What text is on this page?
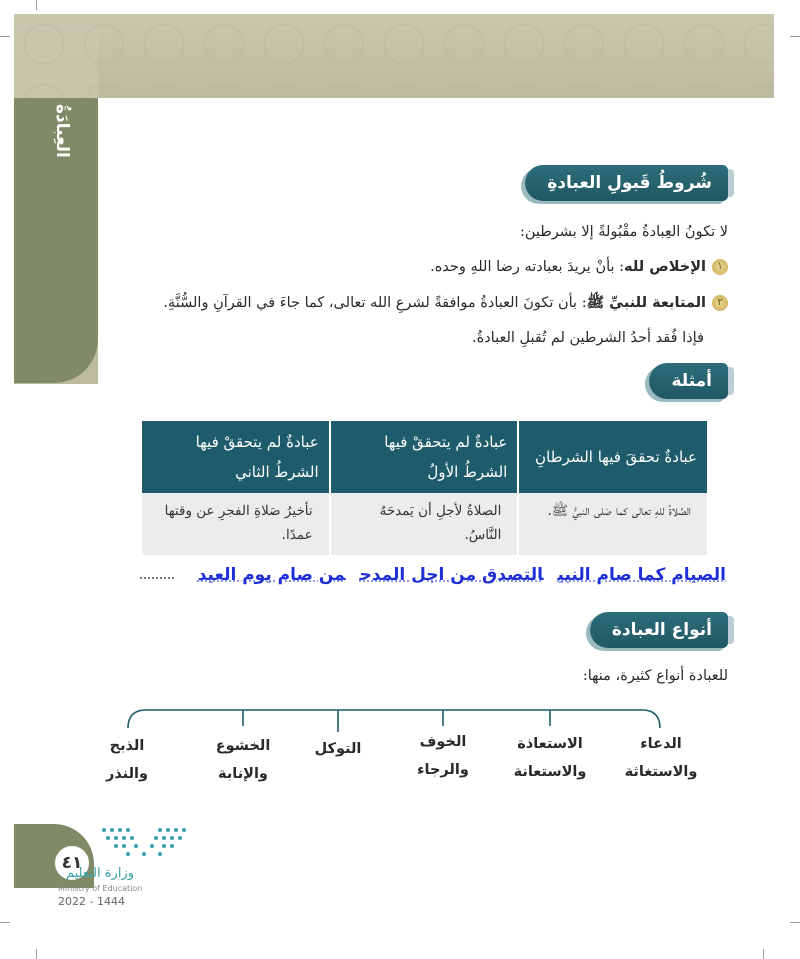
العِبادَةُ
شُروطُ قَبولِ العبادةِ
لا تكونُ العِبادةُ مقْبُولةً إلا بشرطين:
١الإخلاص لله: بأنْ يريدَ بعبادته رضا اللهِ وحده.
٢المتابعة للنبيِّ ﷺ: بأن تكونَ العبادةُ موافقةً لشرعِ الله تعالى، كما جاءَ في القرآنِ والسُّنَّةِ.
فإذا فُقد أحدُ الشرطين لم تُقبلِ العبادةُ.
أمثلة
عبادةٌ تحققَ فيها الشرطانِ	عبادةٌ لم يتحققْ فيها الشرطُ الأولُ	عبادةٌ لم يتحققْ فيها الشرطُ الثاني
الصَّلاةُ للهِ تعالى كما صَلى النبيُّ ﷺ.	الصلاةُ لأجلِ أن يَمدحَهُ النَّاسُ.	تأخيرُ صَلاةِ الفجرِ عن وقتها عمدًا.
الصيام كما صام النبيالتصدق من اجل المدحمن صام يوم العيد
أنواع العبادة
للعبادة أنواع كثيرة، منها:
الدعاء
والاستغاثة
الاستعاذة
والاستعانة
الخوف
والرجاء
التوكل
الخشوع
والإنابة
الذبح
والنذر
٤١
وزارة التعليم
Ministry of Education
2022 - 1444
